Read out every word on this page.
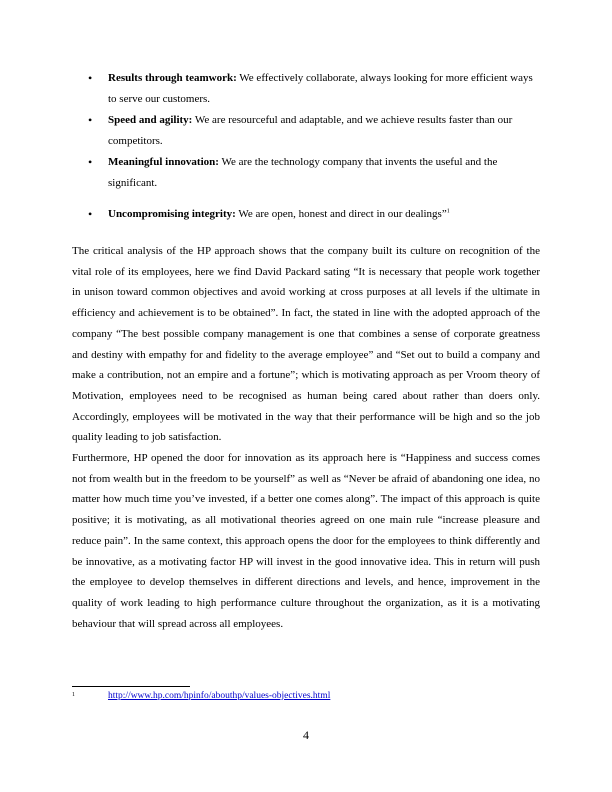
• Results through teamwork: We effectively collaborate, always looking for more efficient ways to serve our customers.

• Speed and agility: We are resourceful and adaptable, and we achieve results faster than our competitors.

• Meaningful innovation: We are the technology company that invents the useful and the significant.

• Uncompromising integrity: We are open, honest and direct in our dealings”$^1$

The critical analysis of the HP approach shows that the company built its culture on recognition of the vital role of its employees, here we find David Packard sating “It is necessary that people work together in unison toward common objectives and avoid working at cross purposes at all levels if the ultimate in efficiency and achievement is to be obtained”. In fact, the stated in line with the adopted approach of the company “The best possible company management is one that combines a sense of corporate greatness and destiny with empathy for and fidelity to the average employee” and “Set out to build a company and make a contribution, not an empire and a fortune”; which is motivating approach as per Vroom theory of Motivation, employees need to be recognised as human being cared about rather than doers only. Accordingly, employees will be motivated in the way that their performance will be high and so the job quality leading to job satisfaction.

Furthermore, HP opened the door for innovation as its approach here is “Happiness and success comes not from wealth but in the freedom to be yourself” as well as “Never be afraid of abandoning one idea, no matter how much time you’ve invested, if a better one comes along”. The impact of this approach is quite positive; it is motivating, as all motivational theories agreed on one main rule “increase pleasure and reduce pain”. In the same context, this approach opens the door for the employees to think differently and be innovative, as a motivating factor HP will invest in the good innovative idea. This in return will push the employee to develop themselves in different directions and levels, and hence, improvement in the quality of work leading to high performance culture throughout the organization, as it is a motivating behaviour that will spread across all employees.

1	http://www.hp.com/hpinfo/abouthp/values-objectives.html
4
